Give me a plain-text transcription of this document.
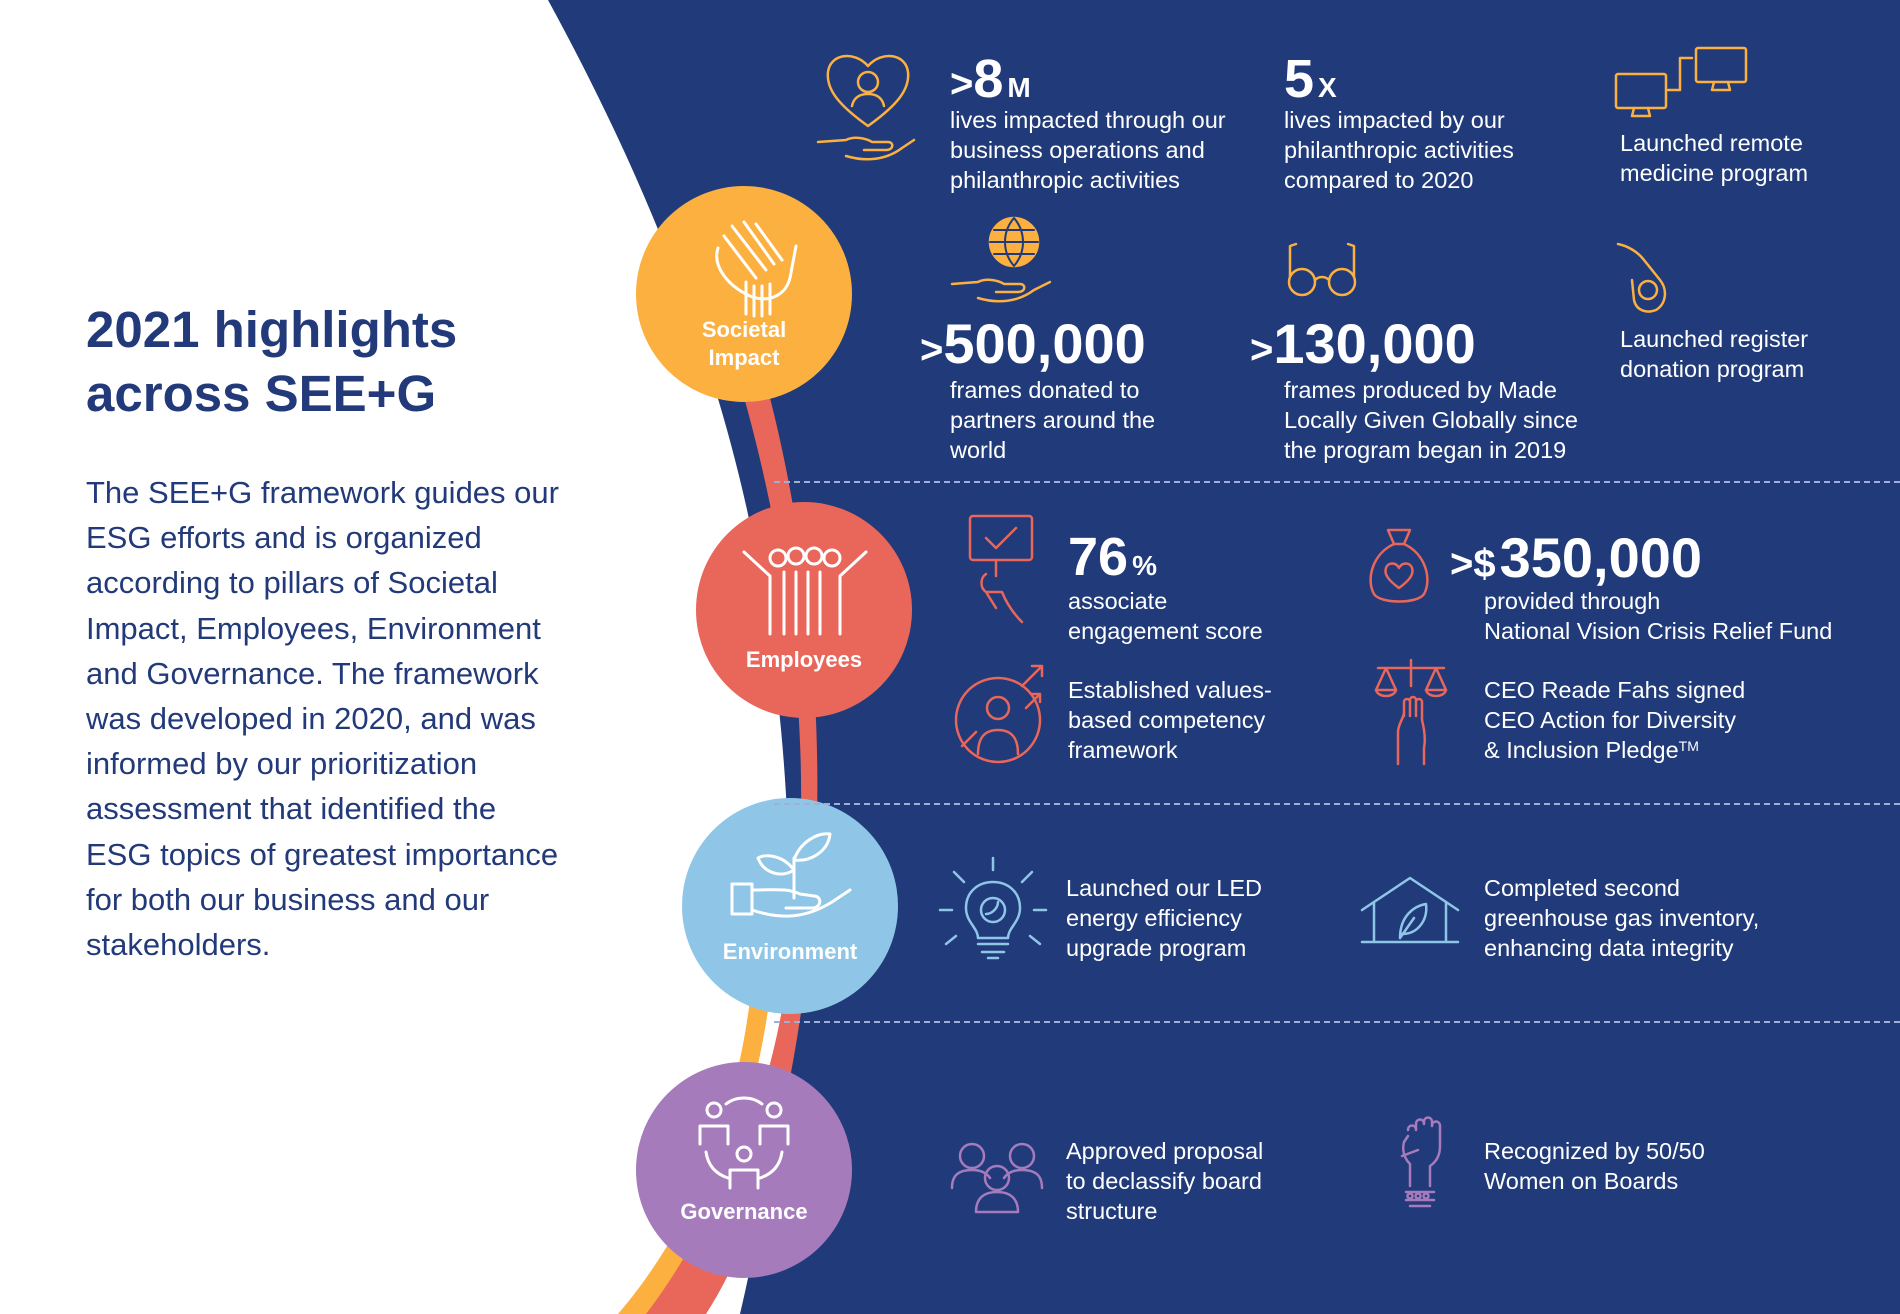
2021 highlights
across SEE+G

The SEE+G framework guides our ESG efforts and is organized according to pillars of Societal Impact, Employees, Environment and Governance. The framework was developed in 2020, and was informed by our prioritization assessment that identified the ESG topics of greatest importance for both our business and our stakeholders.

Societal
Impact
Employees
Environment
Governance
>8 M
lives impacted through our
business operations and
philanthropic activities
5 X
lives impacted by our
philanthropic activities
compared to 2020
Launched remote
medicine program
>500,000
frames donated to
partners around the
world
>130,000
frames produced by Made
Locally Given Globally since
the program began in 2019
Launched register
donation program
76 %
associate
engagement score
>$350,000
provided through
National Vision Crisis Relief Fund
Established values-
based competency
framework
CEO Reade Fahs signed
CEO Action for Diversity
& Inclusion Pledge™
Launched our LED
energy efficiency
upgrade program
Completed second
greenhouse gas inventory,
enhancing data integrity
Approved proposal
to declassify board
structure
Recognized by 50/50
Women on Boards
